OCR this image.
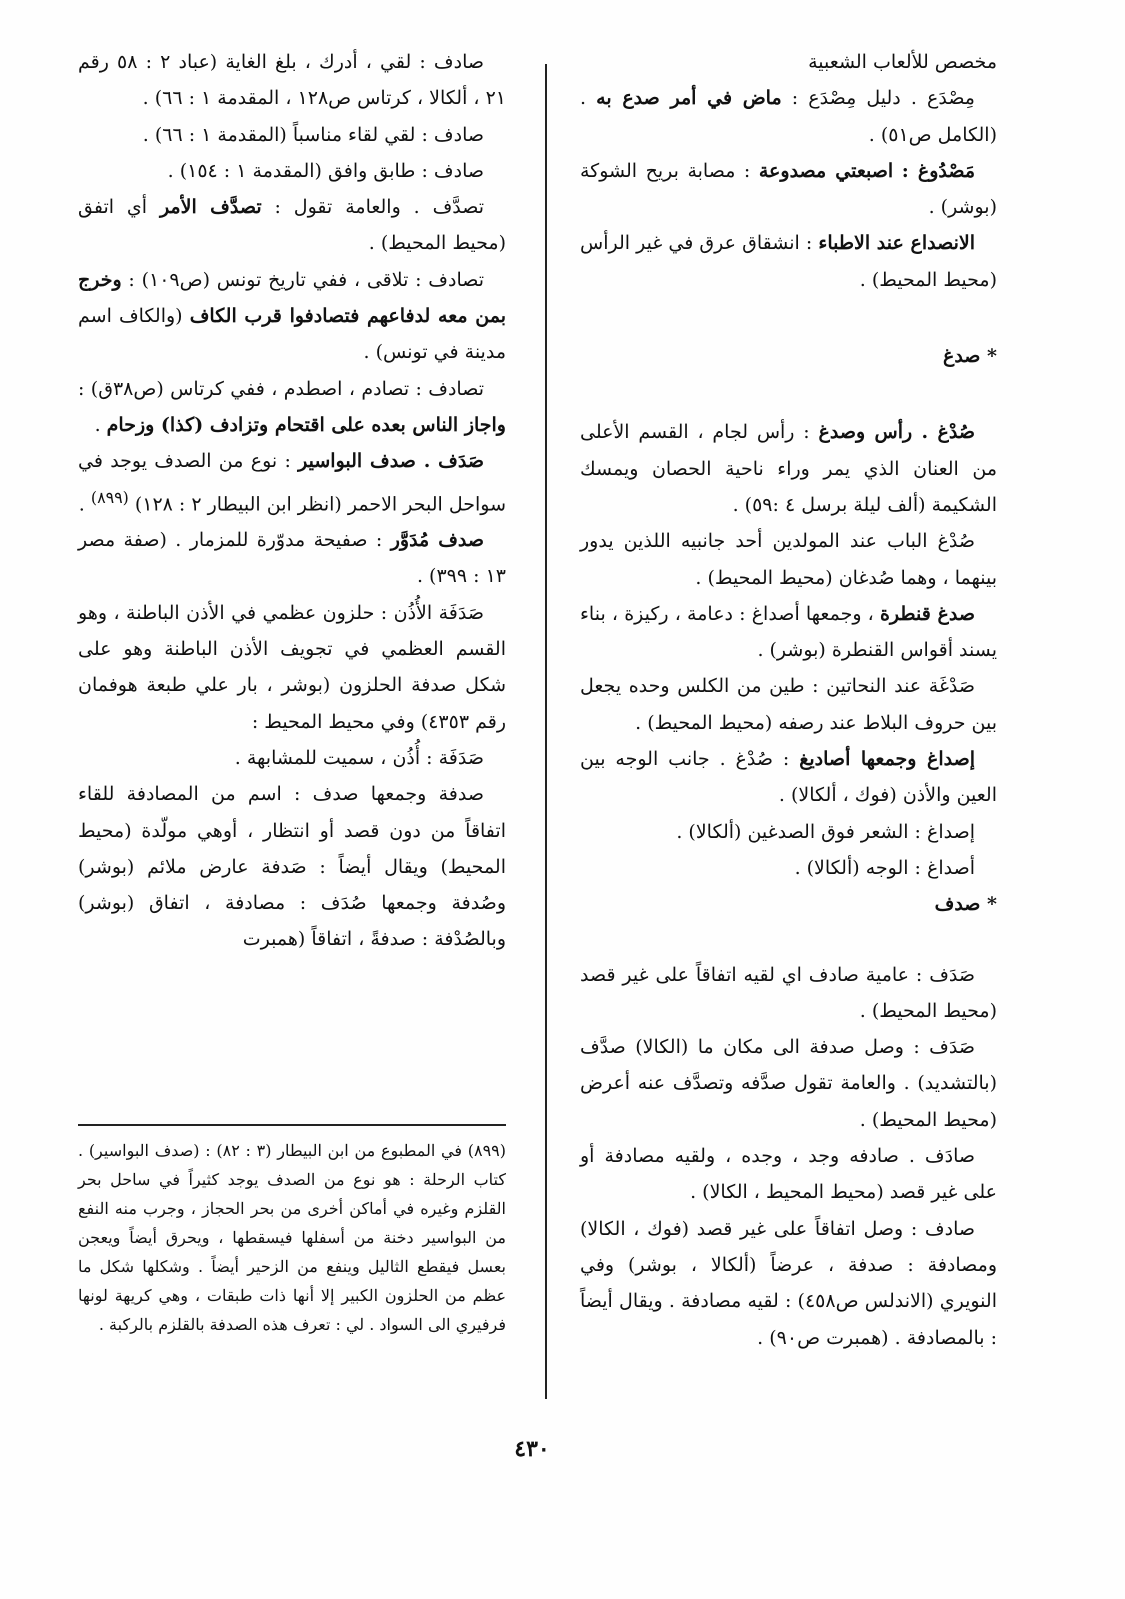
مخصص للألعاب الشعبية

مِصْدَع . دليل مِصْدَع : ماض في أمر صدع به . (الكامل ص٥١) .

مَصْدُوغ : اصبعتي مصدوعة : مصابة بريح الشوكة (بوشر) .

الانصداع عند الاطباء : انشقاق عرق في غير الرأس (محيط المحيط) .

* صدغ

صُدْغ . رأس وصدغ : رأس لجام ، القسم الأعلى من العنان الذي يمر وراء ناحية الحصان ويمسك الشكيمة (ألف ليلة برسل ٤ :٥٩) .

صُدْغ الباب عند المولدين أحد جانبيه اللذين يدور بينهما ، وهما صُدغان (محيط المحيط) .

صدغ قنطرة ، وجمعها أصداغ : دعامة ، ركيزة ، بناء يسند أقواس القنطرة (بوشر) .

صَدْغَة عند النحاتين : طين من الكلس وحده يجعل بين حروف البلاط عند رصفه (محيط المحيط) .

إصداغ وجمعها أصاديغ : صُدْغ . جانب الوجه بين العين والأذن (فوك ، ألكالا) .

إصداغ : الشعر فوق الصدغين (ألكالا) .

أصداغ : الوجه (ألكالا) .

* صدف

صَدَف : عامية صادف اي لقيه اتفاقاً على غير قصد (محيط المحيط) .

صَدَف : وصل صدفة الى مكان ما (الكالا) صدَّف (بالتشديد) . والعامة تقول صدَّفه وتصدَّف عنه أعرض (محيط المحيط) .

صادَف . صادفه وجد ، وجده ، ولقيه مصادفة أو على غير قصد (محيط المحيط ، الكالا) .

صادف : وصل اتفاقاً على غير قصد (فوك ، الكالا) ومصادفة : صدفة ، عرضاً (ألكالا ، بوشر) وفي النويري (الاندلس ص٤٥٨) : لقيه مصادفة . ويقال أيضاً : بالمصادفة . (همبرت ص٩٠) .

صادف : لقي ، أدرك ، بلغ الغاية (عباد ٢ : ٥٨ رقم ٢١ ، ألكالا ، كرتاس ص١٢٨ ، المقدمة ١ : ٦٦) .

صادف : لقي لقاء مناسباً (المقدمة ١ : ٦٦) .

صادف : طابق وافق (المقدمة ١ : ١٥٤) .

تصدَّف . والعامة تقول : تصدَّف الأمر أي اتفق (محيط المحيط) .

تصادف : تلاقى ، ففي تاريخ تونس (ص١٠٩) : وخرج بمن معه لدفاعهم فتصادفوا قرب الكاف (والكاف اسم مدينة في تونس) .

تصادف : تصادم ، اصطدم ، ففي كرتاس (ص٣٨ق) : واجاز الناس بعده على اقتحام وتزادف (كذا) وزحام .

صَدَف . صدف البواسير : نوع من الصدف يوجد في سواحل البحر الاحمر (انظر ابن البيطار ٢ : ١٢٨) $^{(٨٩٩)}$ .

صدف مُدَوَّر : صفيحة مدوّرة للمزمار . (صفة مصر ١٣ : ٣٩٩) .

صَدَفَة الأُذُن : حلزون عظمي في الأذن الباطنة ، وهو القسم العظمي في تجويف الأذن الباطنة وهو على شكل صدفة الحلزون (بوشر ، بار علي طبعة هوفمان رقم ٤٣٥٣) وفي محيط المحيط :

صَدَفَة : أُذُن ، سميت للمشابهة .

صدفة وجمعها صدف : اسم من المصادفة للقاء اتفاقاً من دون قصد أو انتظار ، أوهي مولّدة (محيط المحيط) ويقال أيضاً : صَدفة عارض ملائم (بوشر) وصُدفة وجمعها صُدَف : مصادفة ، اتفاق (بوشر) وبالصُدْفة : صدفةً ، اتفاقاً (همبرت

(٨٩٩) في المطبوع من ابن البيطار (٣ : ٨٢) : (صدف البواسير) . كتاب الرحلة : هو نوع من الصدف يوجد كثيراً في ساحل بحر القلزم وغيره في أماكن أخرى من بحر الحجاز ، وجرب منه النفع من البواسير دخنة من أسفلها فيسقطها ، ويحرق أيضاً ويعجن بعسل فيقطع الثاليل وينفع من الزحير أيضاً . وشكلها شكل ما عظم من الحلزون الكبير إلا أنها ذات طبقات ، وهي كريهة لونها فرفيري الى السواد . لي : تعرف هذه الصدفة بالقلزم بالركبة .
٤٣٠
